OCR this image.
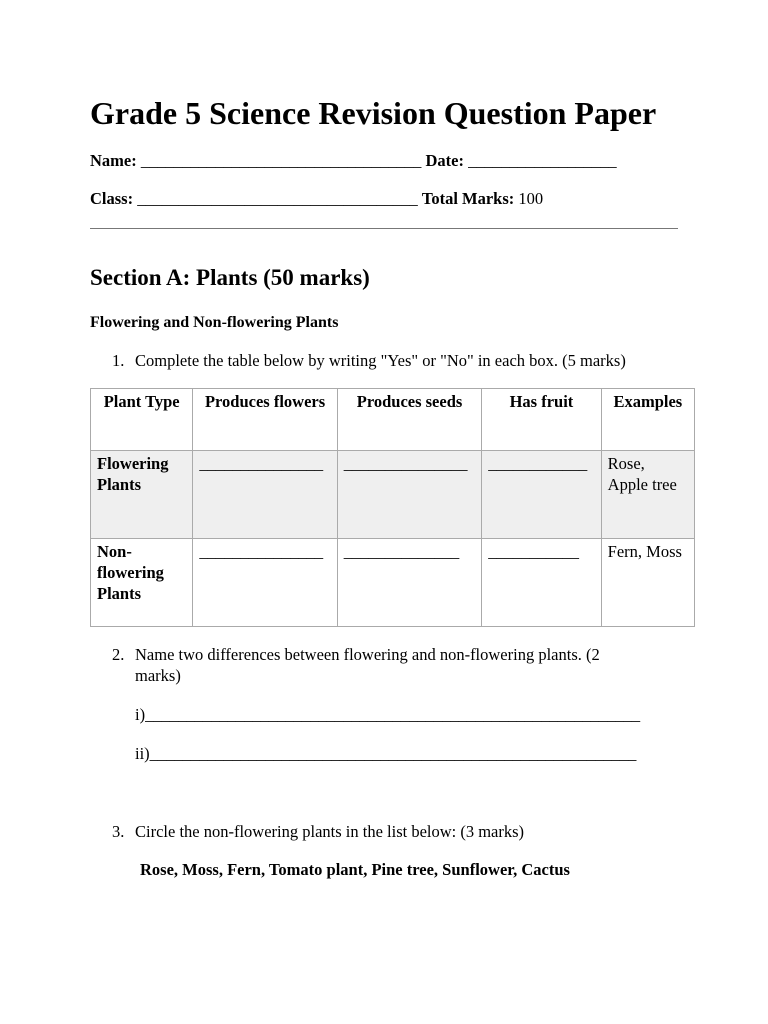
Grade 5 Science Revision Question Paper

Name: __________________________________ Date: __________________

Class: __________________________________ Total Marks: 100

Section A: Plants (50 marks)
Flowering and Non-flowering Plants
1. Complete the table below by writing "Yes" or "No" in each box. (5 marks)
Plant Type	Produces flowers	Produces seeds	Has fruit	Examples
Flowering Plants	_______________	_______________	____________	Rose, Apple tree
Non-flowering Plants	_______________	______________	___________	Fern, Moss
2. Name two differences between flowering and non-flowering plants. (2
marks)

i)____________________________________________________________

ii)___________________________________________________________

3. Circle the non-flowering plants in the list below: (3 marks)

Rose, Moss, Fern, Tomato plant, Pine tree, Sunflower, Cactus
